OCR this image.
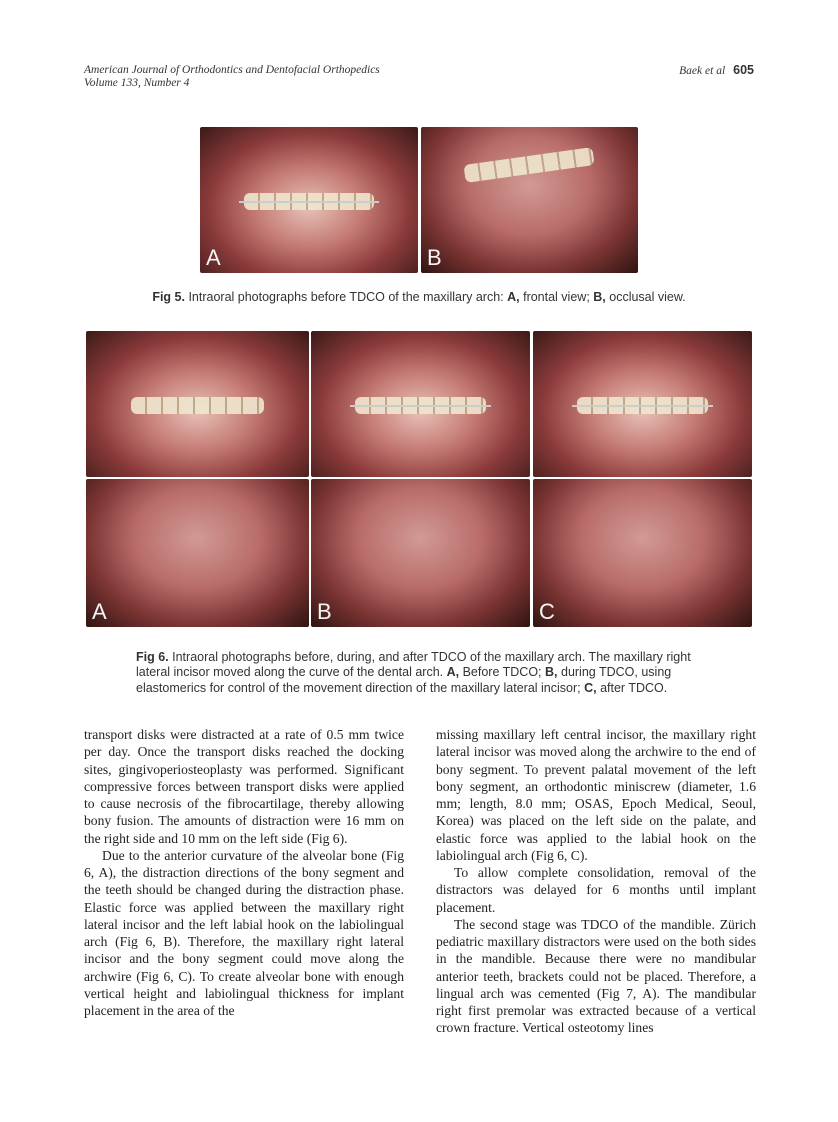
American Journal of Orthodontics and Dentofacial Orthopedics
Volume 133, Number 4
Baek et al 605
A	B
Fig 5. Intraoral photographs before TDCO of the maxillary arch: A, frontal view; B, occlusal view.
A	B	C
Fig 6. Intraoral photographs before, during, and after TDCO of the maxillary arch. The maxillary right lateral incisor moved along the curve of the dental arch. A, Before TDCO; B, during TDCO, using elastomerics for control of the movement direction of the maxillary lateral incisor; C, after TDCO.

transport disks were distracted at a rate of 0.5 mm twice per day. Once the transport disks reached the docking sites, gingivoperiosteoplasty was performed. Significant compressive forces between transport disks were applied to cause necrosis of the fibrocartilage, thereby allowing bony fusion. The amounts of distraction were 16 mm on the right side and 10 mm on the left side (Fig 6).

Due to the anterior curvature of the alveolar bone (Fig 6, A), the distraction directions of the bony segment and the teeth should be changed during the distraction phase. Elastic force was applied between the maxillary right lateral incisor and the left labial hook on the labiolingual arch (Fig 6, B). Therefore, the maxillary right lateral incisor and the bony segment could move along the archwire (Fig 6, C). To create alveolar bone with enough vertical height and labiolingual thickness for implant placement in the area of the

missing maxillary left central incisor, the maxillary right lateral incisor was moved along the archwire to the end of bony segment. To prevent palatal movement of the left bony segment, an orthodontic miniscrew (diameter, 1.6 mm; length, 8.0 mm; OSAS, Epoch Medical, Seoul, Korea) was placed on the left side on the palate, and elastic force was applied to the labial hook on the labiolingual arch (Fig 6, C).

To allow complete consolidation, removal of the distractors was delayed for 6 months until implant placement.

The second stage was TDCO of the mandible. Zürich pediatric maxillary distractors were used on the both sides in the mandible. Because there were no mandibular anterior teeth, brackets could not be placed. Therefore, a lingual arch was cemented (Fig 7, A). The mandibular right first premolar was extracted because of a vertical crown fracture. Vertical osteotomy lines
